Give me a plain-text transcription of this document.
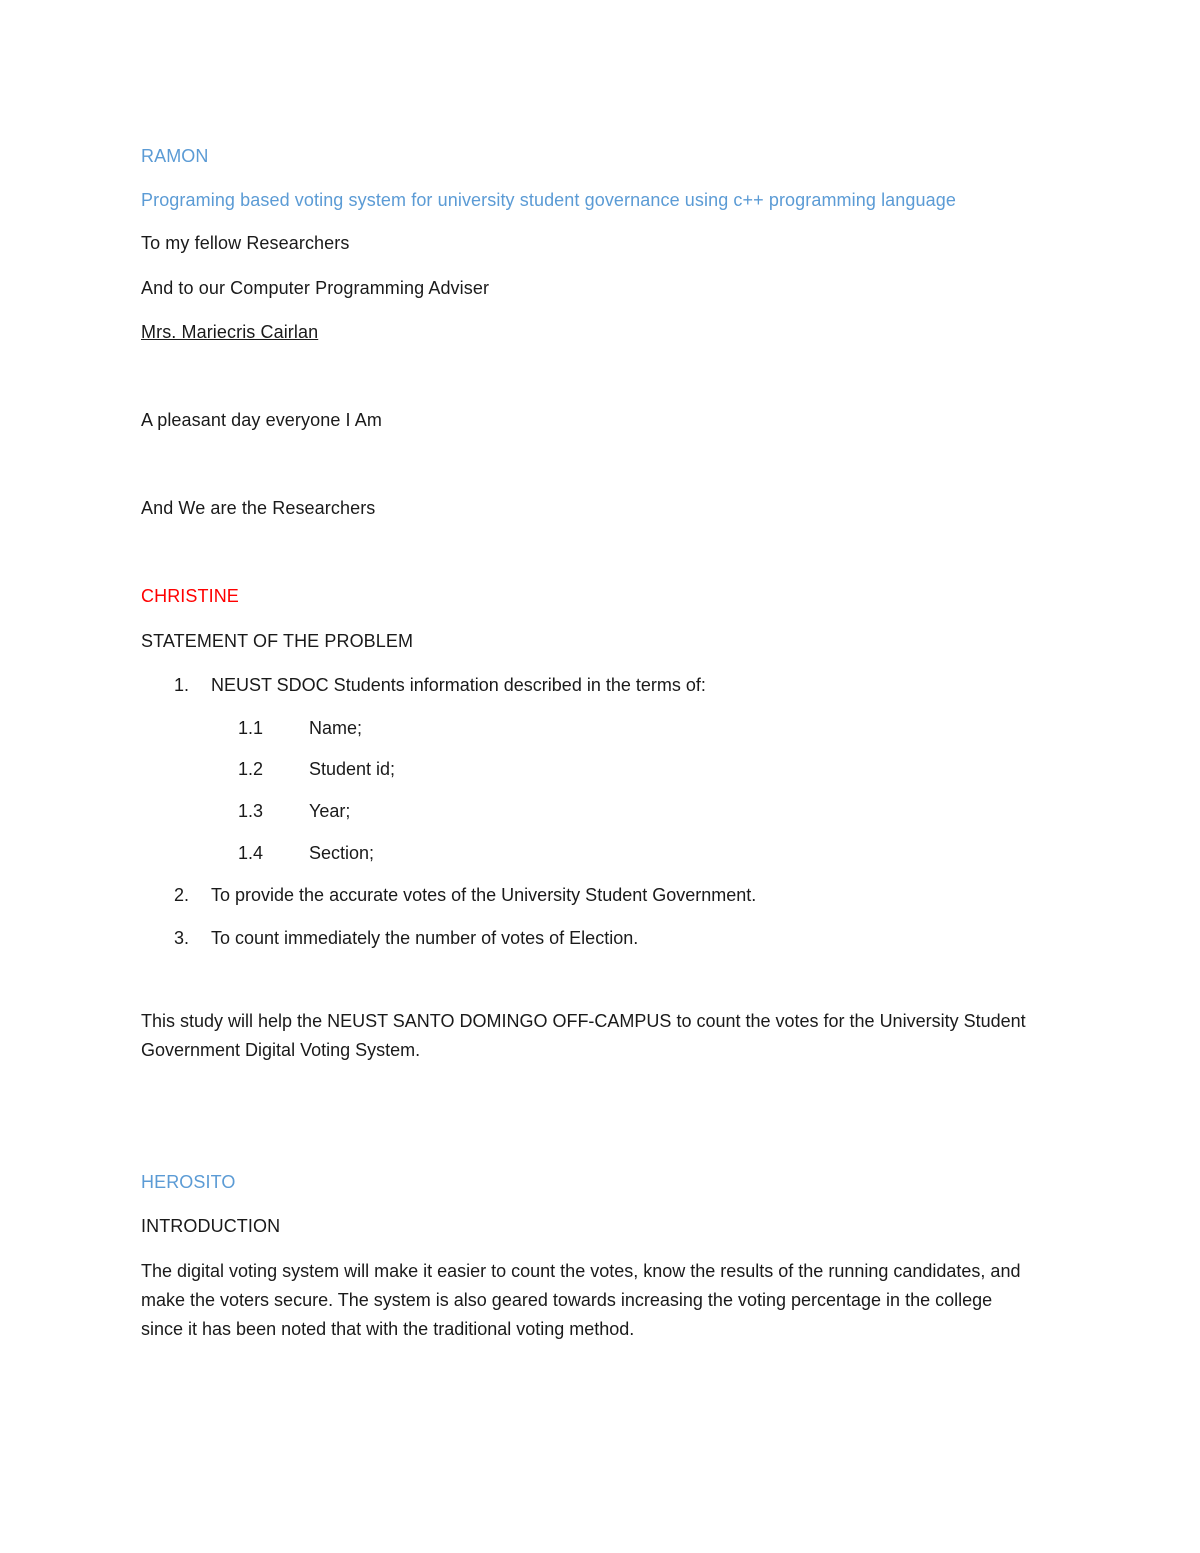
RAMON
Programing based voting system for university student governance using c++ programming language
To my fellow Researchers
And to our Computer Programming Adviser
Mrs. Mariecris Cairlan
A pleasant day everyone I Am
And We are the Researchers
CHRISTINE
STATEMENT OF THE PROBLEM
1. NEUST SDOC Students information described in the terms of:
1.1	Name;
1.2	Student id;
1.3	Year;
1.4	Section;
2. To provide the accurate votes of the University Student Government.
3. To count immediately the number of votes of Election.
This study will help the NEUST SANTO DOMINGO OFF-CAMPUS to count the votes for the University Student Government Digital Voting System.
HEROSITO
INTRODUCTION
The digital voting system will make it easier to count the votes, know the results of the running candidates, and make the voters secure. The system is also geared towards increasing the voting percentage in the college since it has been noted that with the traditional voting method.
